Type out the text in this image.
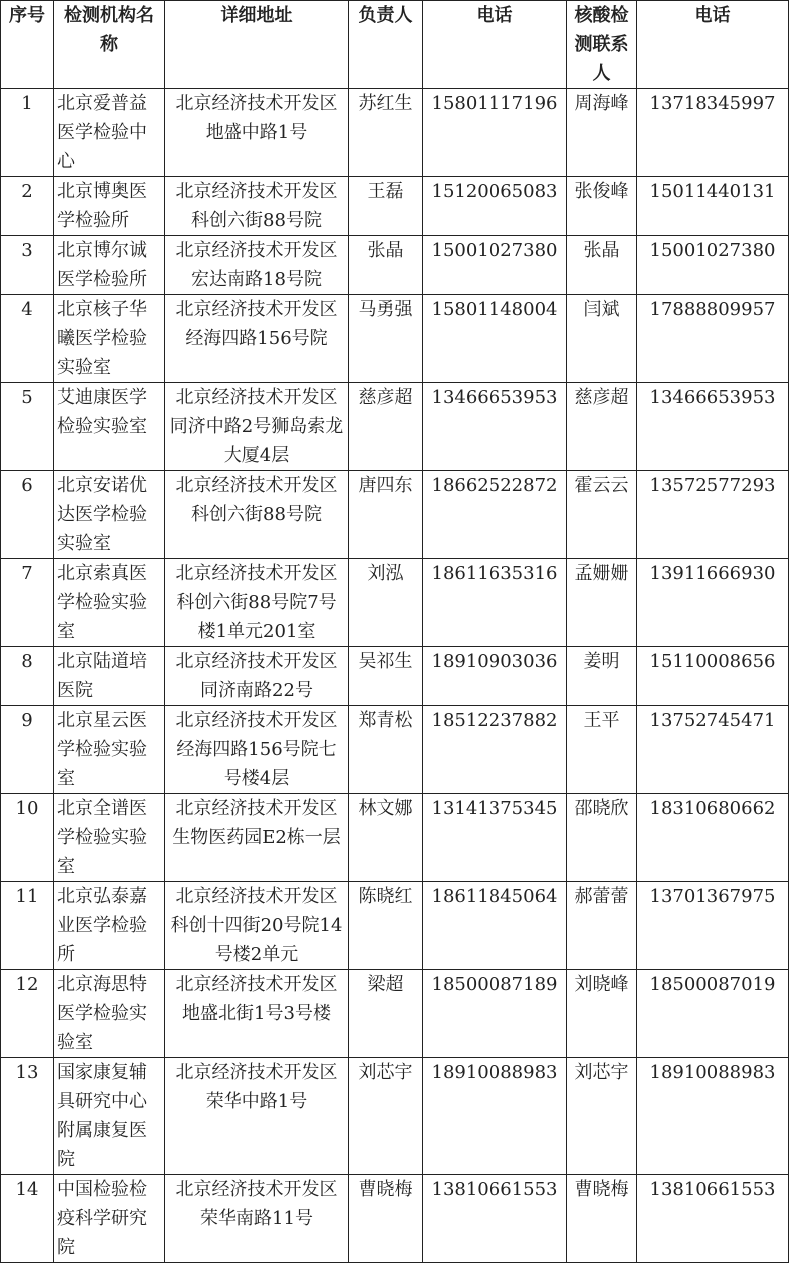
序号	检测机构名称	详细地址	负责人	电话	核酸检测联系人	电话
1	北京爱普益医学检验中心	北京经济技术开发区地盛中路1号	苏红生	15801117196	周海峰	13718345997
2	北京博奥医学检验所	北京经济技术开发区科创六街88号院	王磊	15120065083	张俊峰	15011440131
3	北京博尔诚医学检验所	北京经济技术开发区宏达南路18号院	张晶	15001027380	张晶	15001027380
4	北京核子华曦医学检验实验室	北京经济技术开发区经海四路156号院	马勇强	15801148004	闫斌	17888809957
5	艾迪康医学检验实验室	北京经济技术开发区同济中路2号狮岛索龙大厦4层	慈彦超	13466653953	慈彦超	13466653953
6	北京安诺优达医学检验实验室	北京经济技术开发区科创六街88号院	唐四东	18662522872	霍云云	13572577293
7	北京索真医学检验实验室	北京经济技术开发区科创六街88号院7号楼1单元201室	刘泓	18611635316	孟姗姗	13911666930
8	北京陆道培医院	北京经济技术开发区同济南路22号	吴祁生	18910903036	姜明	15110008656
9	北京星云医学检验实验室	北京经济技术开发区经海四路156号院七号楼4层	郑青松	18512237882	王平	13752745471
10	北京全谱医学检验实验室	北京经济技术开发区生物医药园E2栋一层	林文娜	13141375345	邵晓欣	18310680662
11	北京弘泰嘉业医学检验所	北京经济技术开发区科创十四街20号院14号楼2单元	陈晓红	18611845064	郝蕾蕾	13701367975
12	北京海思特医学检验实验室	北京经济技术开发区地盛北街1号3号楼	梁超	18500087189	刘晓峰	18500087019
13	国家康复辅具研究中心附属康复医院	北京经济技术开发区荣华中路1号	刘芯宇	18910088983	刘芯宇	18910088983
14	中国检验检疫科学研究院	北京经济技术开发区荣华南路11号	曹晓梅	13810661553	曹晓梅	13810661553
